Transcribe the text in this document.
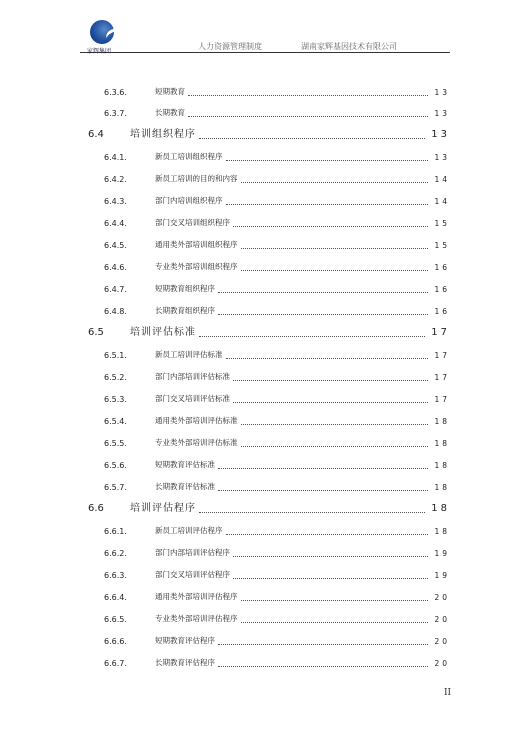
家辉集团
人力资源管理制度	湖南家辉基因技术有限公司
6.3.6.	短期教育	13
6.3.7.	长期教育	13
6.4	培训组织程序	13
6.4.1.	新员工培训组织程序	13
6.4.2.	新员工培训的目的和内容	14
6.4.3.	部门内培训组织程序	14
6.4.4.	部门交叉培训组织程序	15
6.4.5.	通用类外部培训组织程序	15
6.4.6.	专业类外部培训组织程序	16
6.4.7.	短期教育组织程序	16
6.4.8.	长期教育组织程序	16
6.5	培训评估标准	17
6.5.1.	新员工培训评估标准	17
6.5.2.	部门内部培训评估标准	17
6.5.3.	部门交叉培训评估标准	17
6.5.4.	通用类外部培训评估标准	18
6.5.5.	专业类外部培训评估标准	18
6.5.6.	短期教育评估标准	18
6.5.7.	长期教育评估标准	18
6.6	培训评估程序	18
6.6.1.	新员工培训评估程序	18
6.6.2.	部门内部培训评估程序	19
6.6.3.	部门交叉培训评估程序	19
6.6.4.	通用类外部培训评估程序	20
6.6.5.	专业类外部培训评估程序	20
6.6.6.	短期教育评估程序	20
6.6.7.	长期教育评估程序	20
II
